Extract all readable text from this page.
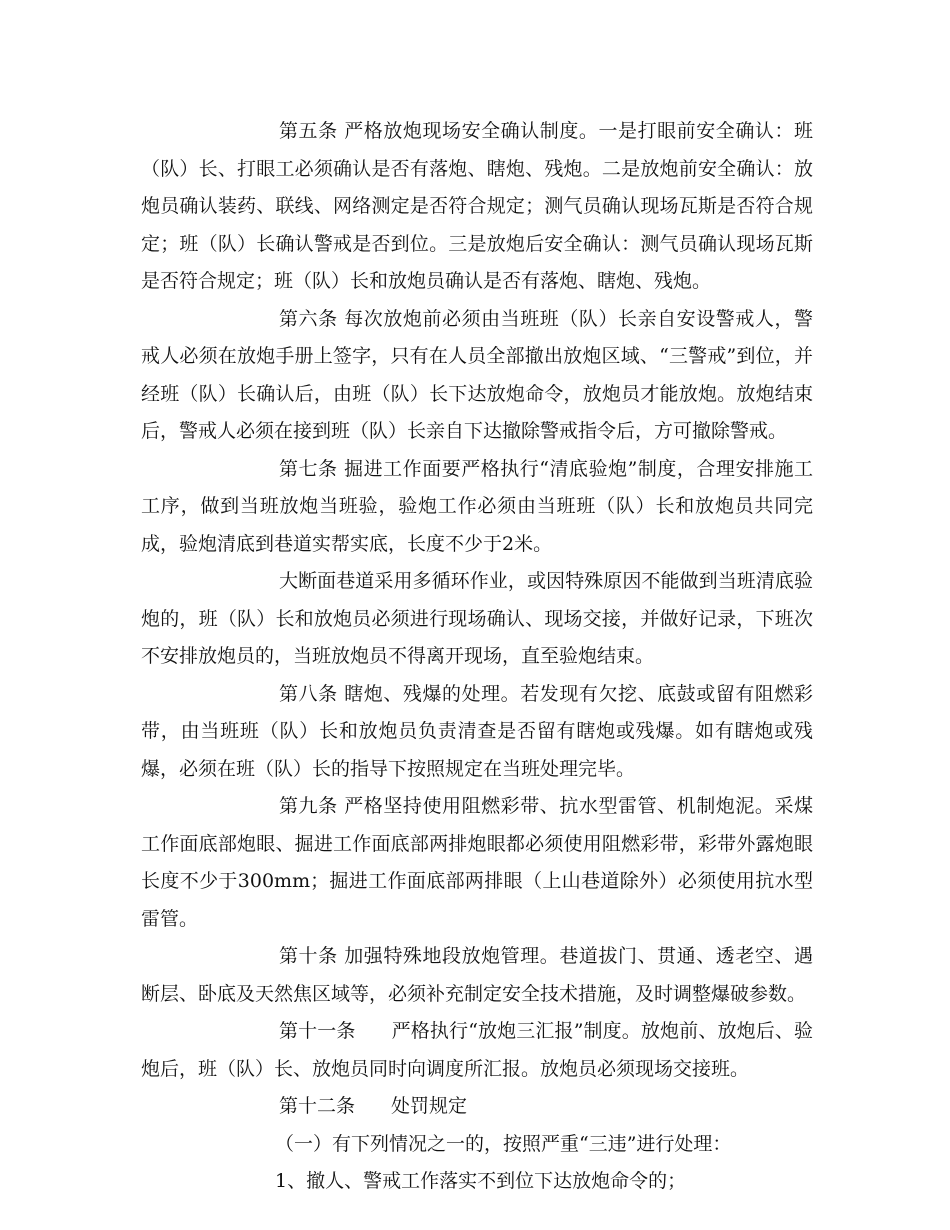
第五条 严格放炮现场安全确认制度。一是打眼前安全确认：班（队）长、打眼工必须确认是否有落炮、瞎炮、残炮。二是放炮前安全确认：放炮员确认装药、联线、网络测定是否符合规定；测气员确认现场瓦斯是否符合规定；班（队）长确认警戒是否到位。三是放炮后安全确认：测气员确认现场瓦斯是否符合规定；班（队）长和放炮员确认是否有落炮、瞎炮、残炮。

第六条 每次放炮前必须由当班班（队）长亲自安设警戒人，警戒人必须在放炮手册上签字，只有在人员全部撤出放炮区域、“三警戒”到位，并经班（队）长确认后，由班（队）长下达放炮命令，放炮员才能放炮。放炮结束后，警戒人必须在接到班（队）长亲自下达撤除警戒指令后，方可撤除警戒。

第七条 掘进工作面要严格执行“清底验炮”制度，合理安排施工工序，做到当班放炮当班验，验炮工作必须由当班班（队）长和放炮员共同完成，验炮清底到巷道实帮实底，长度不少于2米。

大断面巷道采用多循环作业，或因特殊原因不能做到当班清底验炮的，班（队）长和放炮员必须进行现场确认、现场交接，并做好记录，下班次不安排放炮员的，当班放炮员不得离开现场，直至验炮结束。

第八条 瞎炮、残爆的处理。若发现有欠挖、底鼓或留有阻燃彩带，由当班班（队）长和放炮员负责清查是否留有瞎炮或残爆。如有瞎炮或残爆，必须在班（队）长的指导下按照规定在当班处理完毕。

第九条 严格坚持使用阻燃彩带、抗水型雷管、机制炮泥。采煤工作面底部炮眼、掘进工作面底部两排炮眼都必须使用阻燃彩带，彩带外露炮眼长度不少于300mm；掘进工作面底部两排眼（上山巷道除外）必须使用抗水型雷管。

第十条 加强特殊地段放炮管理。巷道拔门、贯通、透老空、遇断层、卧底及天然焦区域等，必须补充制定安全技术措施，及时调整爆破参数。

第十一条 严格执行“放炮三汇报”制度。放炮前、放炮后、验炮后，班（队）长、放炮员同时向调度所汇报。放炮员必须现场交接班。

第十二条 处罚规定

（一）有下列情况之一的，按照严重“三违”进行处理：

1、撤人、警戒工作落实不到位下达放炮命令的；
